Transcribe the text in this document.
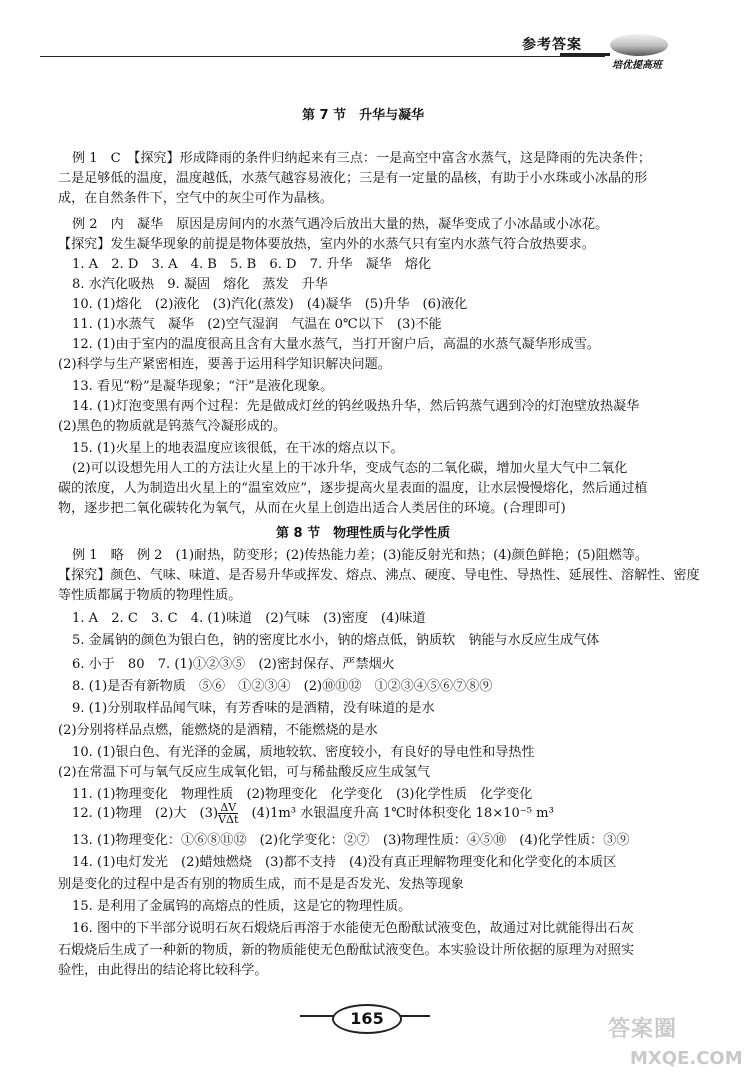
参考答案
培优提高班
第 7 节　升华与凝华
例 1　C　【探究】形成降雨的条件归纳起来有三点：一是高空中富含水蒸气，这是降雨的先决条件；
二是足够低的温度，温度越低，水蒸气越容易液化；三是有一定量的晶核，有助于小水珠或小冰晶的形
成，在自然条件下，空气中的灰尘可作为晶核。
例 2　内　凝华　原因是房间内的水蒸气遇冷后放出大量的热，凝华变成了小冰晶或小冰花。
【探究】发生凝华现象的前提是物体要放热，室内外的水蒸气只有室内水蒸气符合放热要求。
1. A　2. D　3. A　4. B　5. B　6. D　7. 升华　凝华　熔化
8. 水汽化吸热　9. 凝固　熔化　蒸发　升华
10. (1)熔化　(2)液化　(3)汽化(蒸发)　(4)凝华　(5)升华　(6)液化
11. (1)水蒸气　凝华　(2)空气湿润　气温在 0℃以下　(3)不能
12. (1)由于室内的温度很高且含有大量水蒸气，当打开窗户后，高温的水蒸气凝华形成雪。
(2)科学与生产紧密相连，要善于运用科学知识解决问题。
13. 看见“粉”是凝华现象；“汗”是液化现象。
14. (1)灯泡变黑有两个过程：先是做成灯丝的钨丝吸热升华，然后钨蒸气遇到冷的灯泡壁放热凝华
(2)黑色的物质就是钨蒸气冷凝形成的。
15. (1)火星上的地表温度应该很低，在干冰的熔点以下。
(2)可以设想先用人工的方法让火星上的干冰升华，变成气态的二氧化碳，增加火星大气中二氧化
碳的浓度，人为制造出火星上的“温室效应”，逐步提高火星表面的温度，让水层慢慢熔化，然后通过植
物，逐步把二氧化碳转化为氧气，从而在火星上创造出适合人类居住的环境。(合理即可)
第 8 节　物理性质与化学性质
例 1　略　例 2　(1)耐热，防变形；(2)传热能力差；(3)能反射光和热；(4)颜色鲜艳；(5)阻燃等。
【探究】颜色、气味、味道、是否易升华或挥发、熔点、沸点、硬度、导电性、导热性、延展性、溶解性、密度
等性质都属于物质的物理性质。
1. A　2. C　3. C　4. (1)味道　(2)气味　(3)密度　(4)味道
5. 金属钠的颜色为银白色，钠的密度比水小，钠的熔点低，钠质软　钠能与水反应生成气体
6. 小于　80　7. (1)①②③⑤　(2)密封保存、严禁烟火
8. (1)是否有新物质　⑤⑥　①②③④　(2)⑩⑪⑫　①②③④⑤⑥⑦⑧⑨
9. (1)分别取样品闻气味，有芳香味的是酒精，没有味道的是水
(2)分别将样品点燃，能燃烧的是酒精，不能燃烧的是水
10. (1)银白色、有光泽的金属，质地较软、密度较小，有良好的导电性和导热性
(2)在常温下可与氧气反应生成氧化铝，可与稀盐酸反应生成氢气
11. (1)物理变化　物理性质　(2)物理变化　化学变化　(3)化学性质　化学变化
12. (1)物理　(2)大　$(3) \frac{\Delta V}{\text{VΔt}}$ 　(4)1m³ 水银温度升高 1℃时体积变化 18×10⁻⁵ m³
13. (1)物理变化：①⑥⑧⑪⑫　(2)化学变化：②⑦　(3)物理性质：④⑤⑩　(4)化学性质：③⑨
14. (1)电灯发光　(2)蜡烛燃烧　(3)都不支持　(4)没有真正理解物理变化和化学变化的本质区
别是变化的过程中是否有别的物质生成，而不是是否发光、发热等现象
15. 是利用了金属钨的高熔点的性质，这是它的物理性质。
16. 图中的下半部分说明石灰石煅烧后再溶于水能使无色酚酞试液变色，故通过对比就能得出石灰
石煅烧后生成了一种新的物质，新的物质能使无色酚酞试液变色。本实验设计所依据的原理为对照实
验性，由此得出的结论将比较科学。
165	答案圈
MXQE.COM
